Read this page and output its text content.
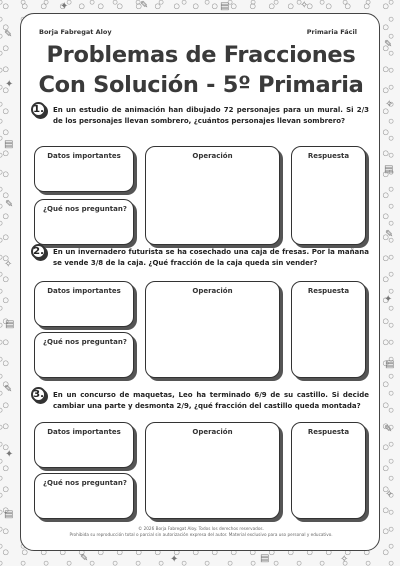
✎
✦
▤
✎
✧
▤
✎
✦
▤
✎
✧
▤
✎
✦
▤
✎
✧
✦	✎	▤	✧
✎	✦	▤	✧
Borja Fabregat Aloy	Primaria Fácil
Problemas de Fracciones
Con Solución - 5º Primaria
1.	En un estudio de animación han dibujado 72 personajes para un mural. Si 2/3 de los personajes llevan sombrero, ¿cuántos personajes llevan sombrero?
Datos importantes
¿Qué nos preguntan?
Operación	Respuesta
2.	En un invernadero futurista se ha cosechado una caja de fresas. Por la mañana se vende 3/8 de la caja. ¿Qué fracción de la caja queda sin vender?
Datos importantes
¿Qué nos preguntan?
Operación	Respuesta
3.	En un concurso de maquetas, Leo ha terminado 6/9 de su castillo. Si decide cambiar una parte y desmonta 2/9, ¿qué fracción del castillo queda montada?
Datos importantes
¿Qué nos preguntan?
Operación	Respuesta
© 2026 Borja Fabregat Aloy. Todos los derechos reservados.
Prohibida su reproducción total o parcial sin autorización expresa del autor. Material exclusivo para uso personal y educativo.
